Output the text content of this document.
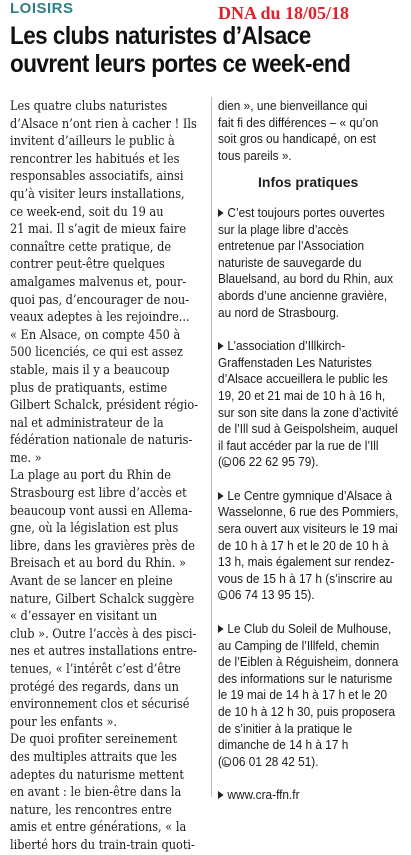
LOISIRS	DNA du 18/05/18
Les clubs naturistes d’Alsace
ouvrent leurs portes ce week-end
Les quatre clubs naturistes
d’Alsace n’ont rien à cacher ! Ils
invitent d’ailleurs le public à
rencontrer les habitués et les
responsables associatifs, ainsi
qu’à visiter leurs installations,
ce week-end, soit du 19 au
21 mai. Il s’agit de mieux faire
connaître cette pratique, de
contrer peut-être quelques
amalgames malvenus et, pour-
quoi pas, d’encourager de nou-
veaux adeptes à les rejoindre...
« En Alsace, on compte 450 à
500 licenciés, ce qui est assez
stable, mais il y a beaucoup
plus de pratiquants, estime
Gilbert Schalck, président régio-
nal et administrateur de la
fédération nationale de naturis-
me. »
La plage au port du Rhin de
Strasbourg est libre d’accès et
beaucoup vont aussi en Allema-
gne, où la législation est plus
libre, dans les gravières près de
Breisach et au bord du Rhin. »
Avant de se lancer en pleine
nature, Gilbert Schalck suggère
« d’essayer en visitant un
club ». Outre l’accès à des pisci-
nes et autres installations entre-
tenues, « l’intérêt c’est d’être
protégé des regards, dans un
environnement clos et sécurisé
pour les enfants ».
De quoi profiter sereinement
des multiples attraits que les
adeptes du naturisme mettent
en avant : le bien-être dans la
nature, les rencontres entre
amis et entre générations, « la
liberté hors du train-train quoti-
dien », une bienveillance qui
fait fi des différences – « qu’on
soit gros ou handicapé, on est
tous pareils ».
Infos pratiques
C’est toujours portes ouvertes
sur la plage libre d’accès
entretenue par l’Association
naturiste de sauvegarde du
Blauelsand, au bord du Rhin, aux
abords d’une ancienne gravière,
au nord de Strasbourg.
L’association d’Illkirch-
Graffenstaden Les Naturistes
d’Alsace accueillera le public les
19, 20 et 21 mai de 10 h à 16 h,
sur son site dans la zone d’activité
de l’Ill sud à Geispolsheim, auquel
il faut accéder par la rue de l’Ill
( 06 22 62 95 79).
Le Centre gymnique d’Alsace à
Wasselonne, 6 rue des Pommiers,
sera ouvert aux visiteurs le 19 mai
de 10 h à 17 h et le 20 de 10 h à
13 h, mais également sur rendez-
vous de 15 h à 17 h (s’inscrire au
06 74 13 95 15).
Le Club du Soleil de Mulhouse,
au Camping de l’Illfeld, chemin
de l’Eiblen à Réguisheim, donnera
des informations sur le naturisme
le 19 mai de 14 h à 17 h et le 20
de 10 h à 12 h 30, puis proposera
de s’initier à la pratique le
dimanche de 14 h à 17 h
( 06 01 28 42 51).
www.cra-ffn.fr
